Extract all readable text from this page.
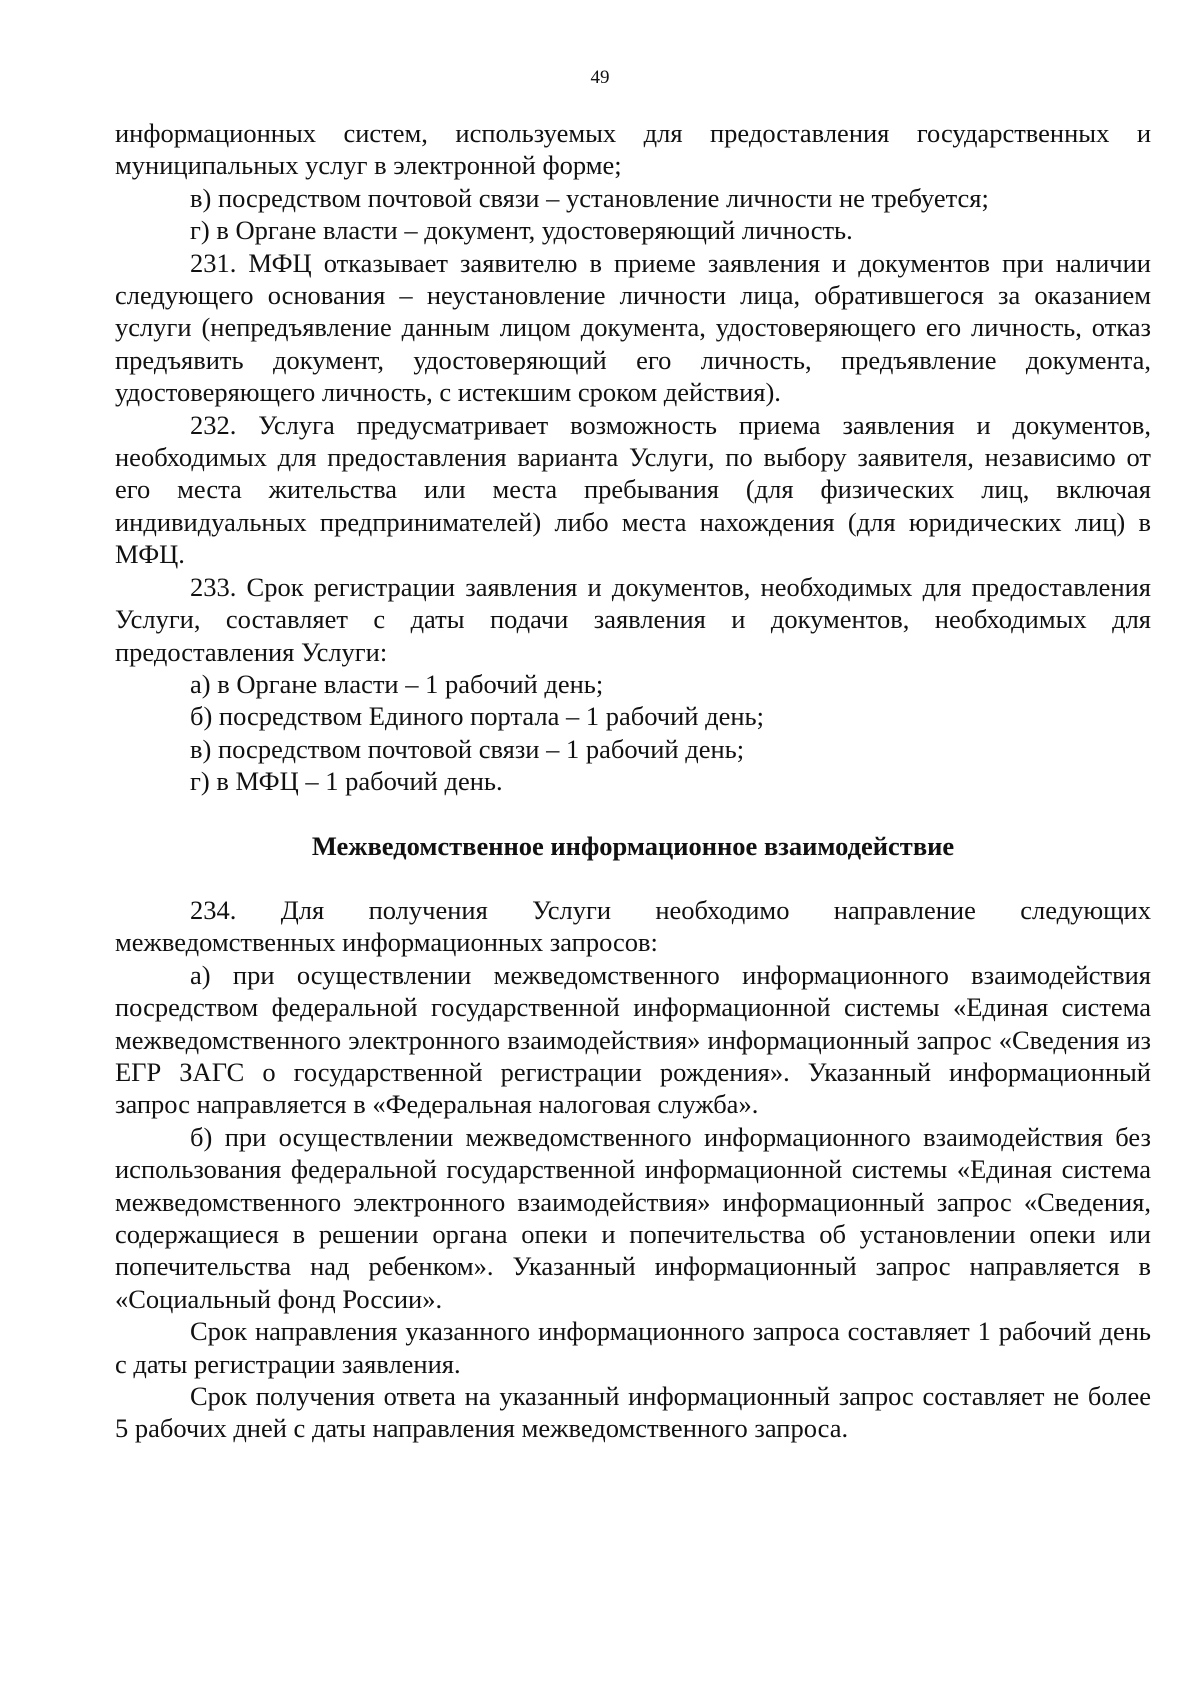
49

информационных систем, используемых для предоставления государственных и муниципальных услуг в электронной форме;

в) посредством почтовой связи – установление личности не требуется;

г) в Органе власти – документ, удостоверяющий личность.

231. МФЦ отказывает заявителю в приеме заявления и документов при наличии следующего основания – неустановление личности лица, обратившегося за оказанием услуги (непредъявление данным лицом документа, удостоверяющего его личность, отказ предъявить документ, удостоверяющий его личность, предъявление документа, удостоверяющего личность, с истекшим сроком действия).

232. Услуга предусматривает возможность приема заявления и документов, необходимых для предоставления варианта Услуги, по выбору заявителя, независимо от его места жительства или места пребывания (для физических лиц, включая индивидуальных предпринимателей) либо места нахождения (для юридических лиц) в МФЦ.

233. Срок регистрации заявления и документов, необходимых для предоставления Услуги, составляет с даты подачи заявления и документов, необходимых для предоставления Услуги:

а) в Органе власти – 1 рабочий день;

б) посредством Единого портала – 1 рабочий день;

в) посредством почтовой связи – 1 рабочий день;

г) в МФЦ – 1 рабочий день.

Межведомственное информационное взаимодействие

234. Для получения Услуги необходимо направление следующих межведомственных информационных запросов:

а) при осуществлении межведомственного информационного взаимодействия посредством федеральной государственной информационной системы «Единая система межведомственного электронного взаимодействия» информационный запрос «Сведения из ЕГР ЗАГС о государственной регистрации рождения». Указанный информационный запрос направляется в «Федеральная налоговая служба».

б) при осуществлении межведомственного информационного взаимодействия без использования федеральной государственной информационной системы «Единая система межведомственного электронного взаимодействия» информационный запрос «Сведения, содержащиеся в решении органа опеки и попечительства об установлении опеки или попечительства над ребенком». Указанный информационный запрос направляется в «Социальный фонд России».

Срок направления указанного информационного запроса составляет 1 рабочий день с даты регистрации заявления.

Срок получения ответа на указанный информационный запрос составляет не более 5 рабочих дней с даты направления межведомственного запроса.
